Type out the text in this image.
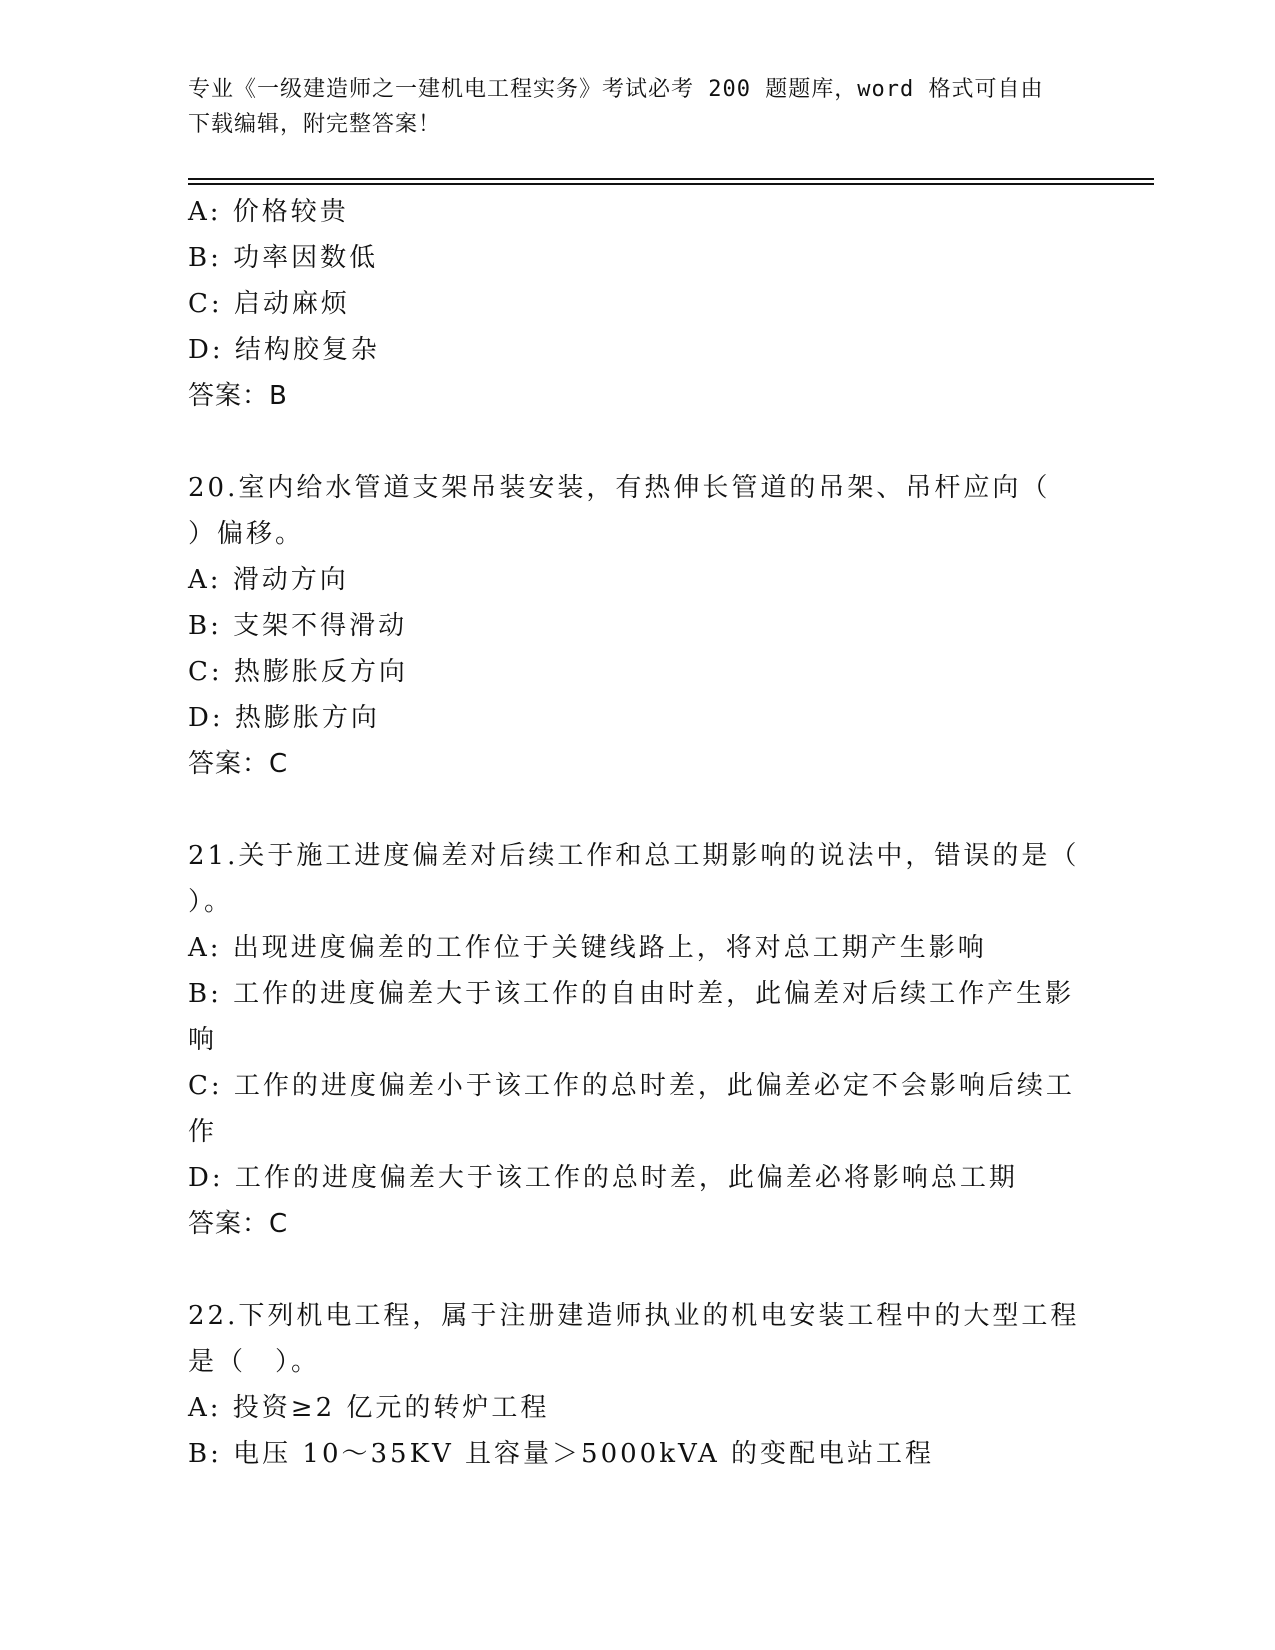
专业《一级建造师之一建机电工程实务》考试必考 200 题题库，word 格式可自由
下载编辑，附完整答案！
A: 价格较贵
B: 功率因数低
C: 启动麻烦
D: 结构胶复杂
答案：B
20.室内给水管道支架吊装安装，有热伸长管道的吊架、吊杆应向（
）偏移。
A: 滑动方向
B: 支架不得滑动
C: 热膨胀反方向
D: 热膨胀方向
答案：C
21.关于施工进度偏差对后续工作和总工期影响的说法中，错误的是（
）。
A: 出现进度偏差的工作位于关键线路上，将对总工期产生影响
B: 工作的进度偏差大于该工作的自由时差，此偏差对后续工作产生影
响
C: 工作的进度偏差小于该工作的总时差，此偏差必定不会影响后续工
作
D: 工作的进度偏差大于该工作的总时差，此偏差必将影响总工期
答案：C
22.下列机电工程，属于注册建造师执业的机电安装工程中的大型工程
是（　）。
A: 投资≥2 亿元的转炉工程
B: 电压 10～35KV 且容量＞5000kVA 的变配电站工程
